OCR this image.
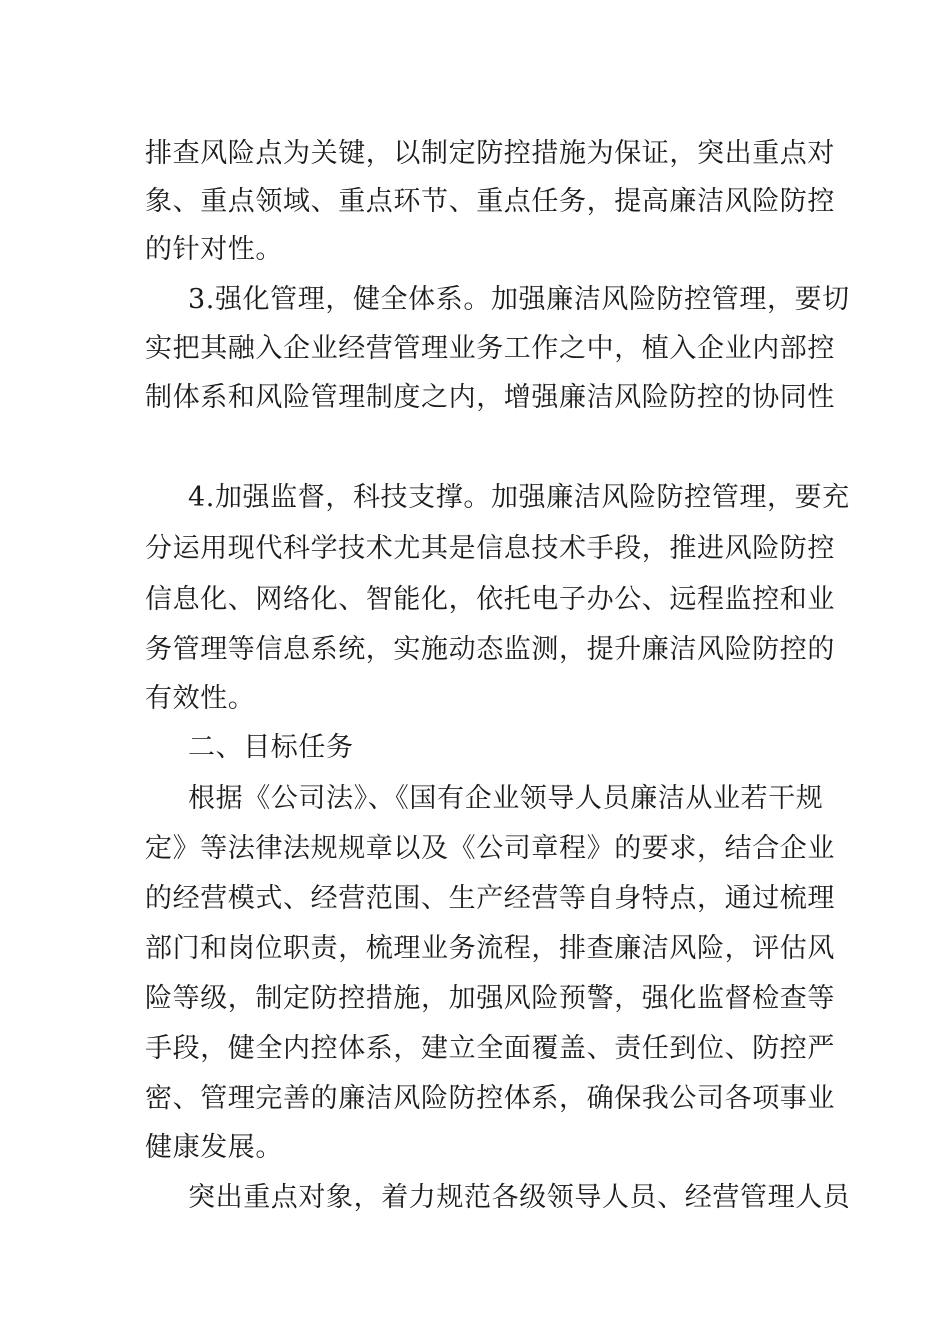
排查风险点为关键，以制定防控措施为保证，突出重点对
象、重点领域、重点环节、重点任务，提高廉洁风险防控
的针对性。
3.强化管理，健全体系。加强廉洁风险防控管理，要切
实把其融入企业经营管理业务工作之中，植入企业内部控
制体系和风险管理制度之内，增强廉洁风险防控的协同性
4.加强监督，科技支撑。加强廉洁风险防控管理，要充
分运用现代科学技术尤其是信息技术手段，推进风险防控
信息化、网络化、智能化，依托电子办公、远程监控和业
务管理等信息系统，实施动态监测，提升廉洁风险防控的
有效性。
二、目标任务
根据《公司法》、《国有企业领导人员廉洁从业若干规
定》等法律法规规章以及《公司章程》的要求，结合企业
的经营模式、经营范围、生产经营等自身特点，通过梳理
部门和岗位职责，梳理业务流程，排查廉洁风险，评估风
险等级，制定防控措施，加强风险预警，强化监督检查等
手段，健全内控体系，建立全面覆盖、责任到位、防控严
密、管理完善的廉洁风险防控体系，确保我公司各项事业
健康发展。
突出重点对象，着力规范各级领导人员、经营管理人员
